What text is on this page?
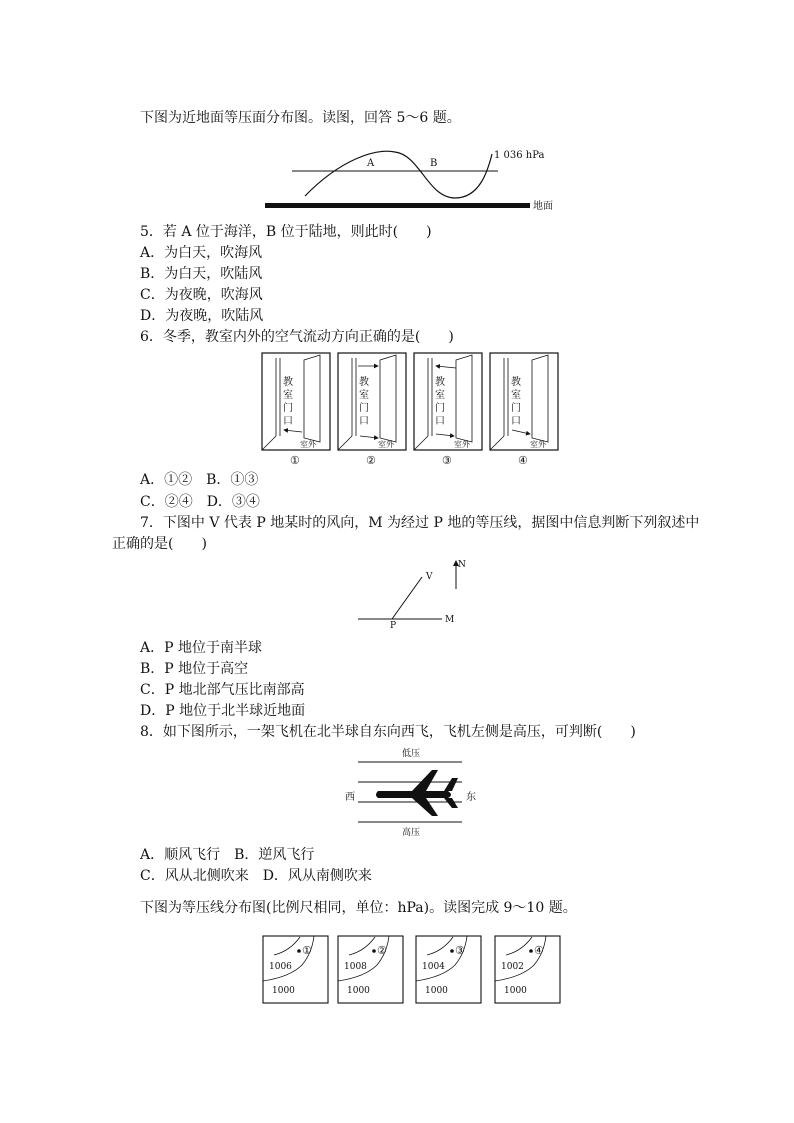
下图为近地面等压面分布图。读图，回答 5～6 题。
A	B
1 036 hPa
地面
5．若 A 位于海洋，B 位于陆地，则此时(　　)
A．为白天，吹海风
B．为白天，吹陆风
C．为夜晚，吹海风
D．为夜晚，吹陆风
6．冬季，教室内外的空气流动方向正确的是(　　)
教
室
门
口
室外
①
教
室
门
口
室外
②
教
室
门
口
室外
③
教
室
门
口
室外
④
A．①②　B．①③
C．②④　D．③④
7．下图中 V 代表 P 地某时的风向，M 为经过 P 地的等压线，据图中信息判断下列叙述中
正确的是(　　)
V
N
P
M
A．P 地位于南半球
B．P 地位于高空
C．P 地北部气压比南部高
D．P 地位于北半球近地面
8．如下图所示，一架飞机在北半球自东向西飞，飞机左侧是高压，可判断(　　)
低压
高压
西	东
A．顺风飞行　B．逆风飞行
C．风从北侧吹来　D．风从南侧吹来
下图为等压线分布图(比例尺相同，单位：hPa)。读图完成 9～10 题。
①
1006
1000
②
1008
1000
③
1004
1000
④
1002
1000
